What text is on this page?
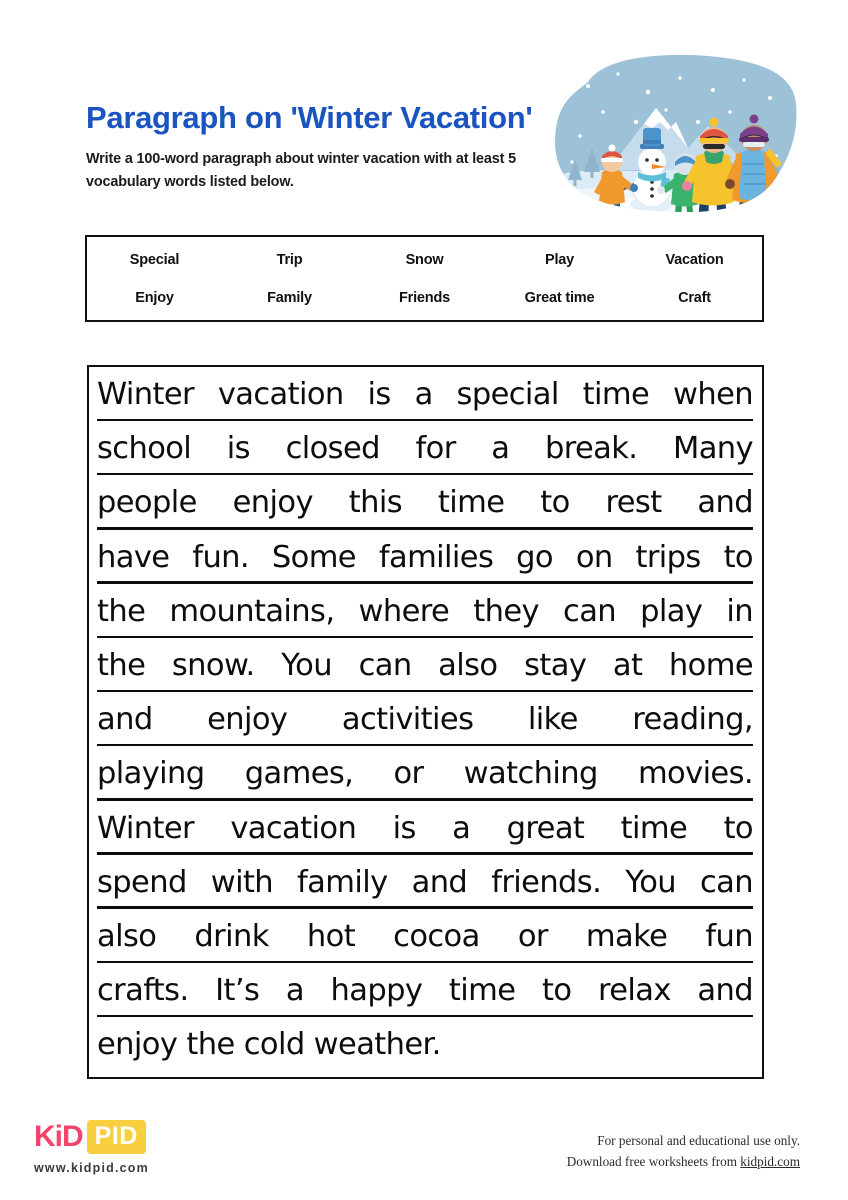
Paragraph on 'Winter Vacation'
Write a 100-word paragraph about winter vacation with at least 5 vocabulary words listed below.
Special	Trip	Snow	Play	Vacation
Enjoy	Family	Friends	Great time	Craft
Winter vacation is a special time when
school is closed for a break. Many
people enjoy this time to rest and
have fun. Some families go on trips to
the mountains, where they can play in
the snow. You can also stay at home
and enjoy activities like reading,
playing games, or watching movies.
Winter vacation is a great time to
spend with family and friends. You can
also drink hot cocoa or make fun
crafts. It’s a happy time to relax and
enjoy the cold weather.
KiD PID
www.kidpid.com
For personal and educational use only.
Download free worksheets from kidpid.com
